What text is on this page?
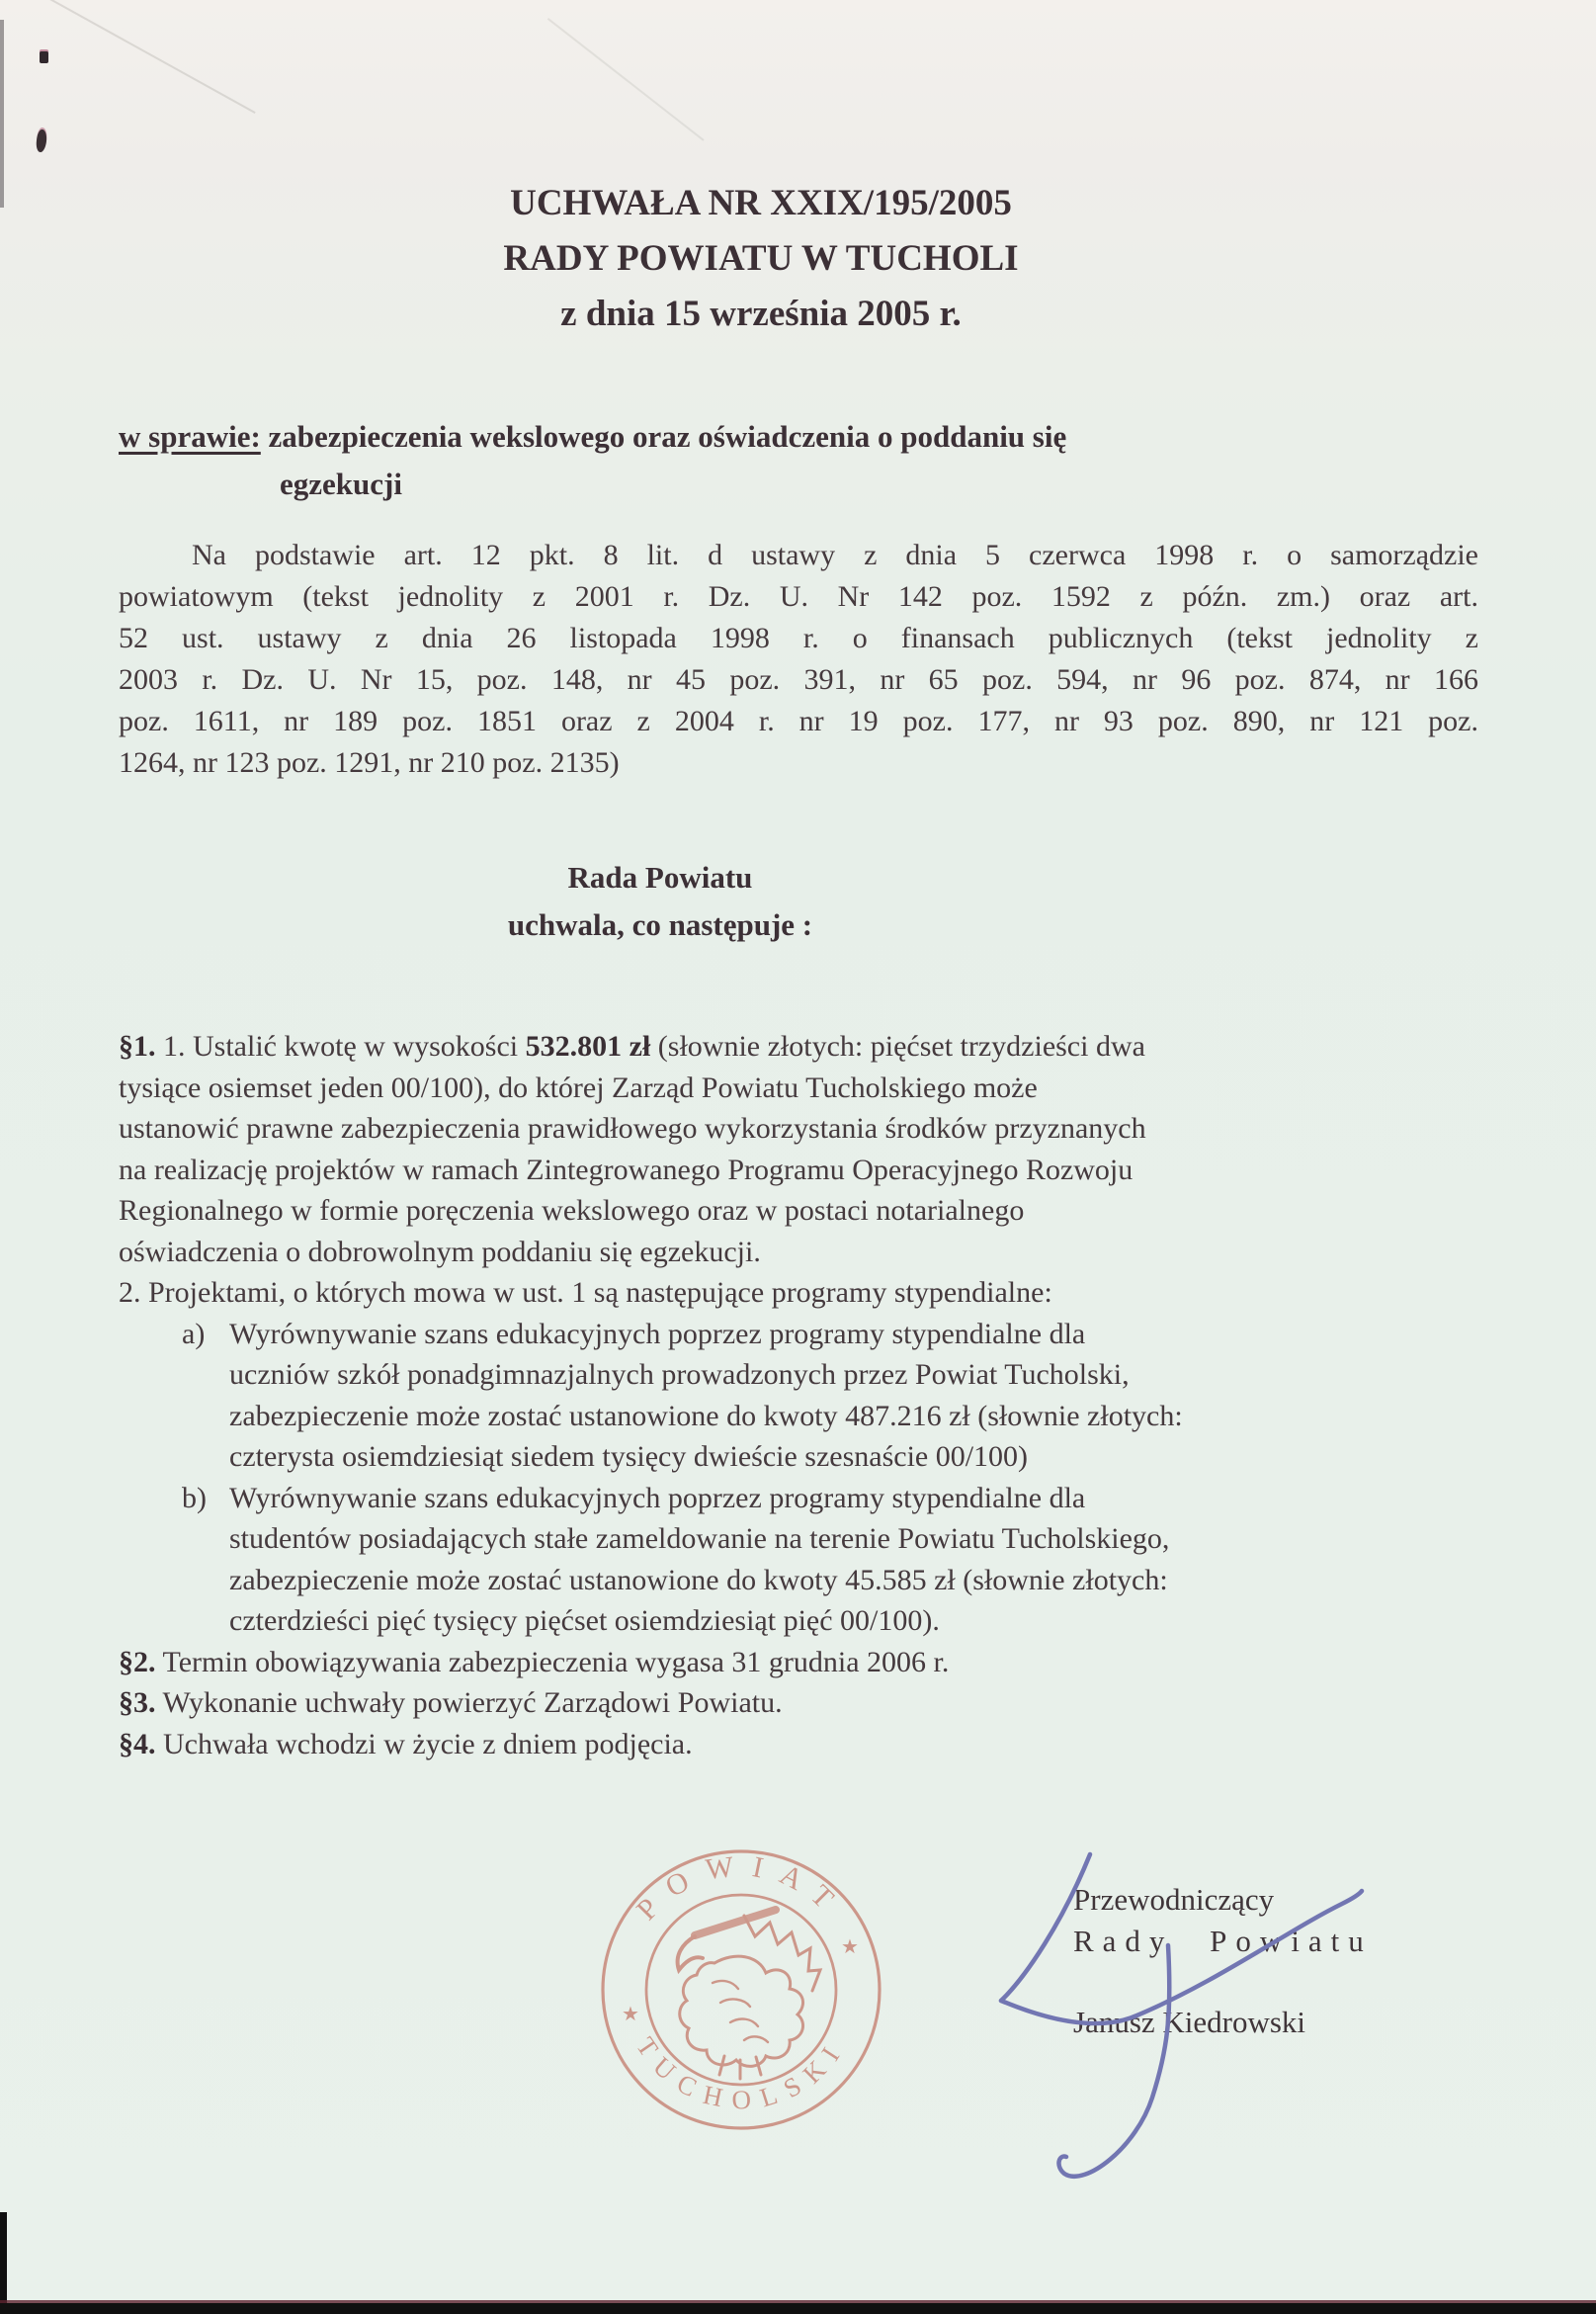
UCHWAŁA NR XXIX/195/2005
RADY POWIATU W TUCHOLI
z dnia 15 września 2005 r.
w sprawie: zabezpieczenia wekslowego oraz oświadczenia o poddaniu się
egzekucji
Na podstawie art. 12 pkt. 8 lit. d ustawy z dnia 5 czerwca 1998 r. o samorządzie
powiatowym (tekst jednolity z 2001 r. Dz. U. Nr 142 poz. 1592 z późn. zm.) oraz art.
52 ust. ustawy z dnia 26 listopada 1998 r. o finansach publicznych (tekst jednolity z
2003 r. Dz. U. Nr 15, poz. 148, nr 45 poz. 391, nr 65 poz. 594, nr 96 poz. 874, nr 166
poz. 1611, nr 189 poz. 1851 oraz z 2004 r. nr 19 poz. 177, nr 93 poz. 890, nr 121 poz.
1264, nr 123 poz. 1291, nr 210 poz. 2135)
Rada Powiatu
uchwala, co następuje :
§1. 1. Ustalić kwotę w wysokości 532.801 zł (słownie złotych: pięćset trzydzieści dwa
tysiące osiemset jeden 00/100), do której Zarząd Powiatu Tucholskiego może
ustanowić prawne zabezpieczenia prawidłowego wykorzystania środków przyznanych
na realizację projektów w ramach Zintegrowanego Programu Operacyjnego Rozwoju
Regionalnego w formie poręczenia wekslowego oraz w postaci notarialnego
oświadczenia o dobrowolnym poddaniu się egzekucji.
2. Projektami, o których mowa w ust. 1 są następujące programy stypendialne:
a) Wyrównywanie szans edukacyjnych poprzez programy stypendialne dla
uczniów szkół ponadgimnazjalnych prowadzonych przez Powiat Tucholski,
zabezpieczenie może zostać ustanowione do kwoty 487.216 zł (słownie złotych:
czterysta osiemdziesiąt siedem tysięcy dwieście szesnaście 00/100)
b) Wyrównywanie szans edukacyjnych poprzez programy stypendialne dla
studentów posiadających stałe zameldowanie na terenie Powiatu Tucholskiego,
zabezpieczenie może zostać ustanowione do kwoty 45.585 zł (słownie złotych:
czterdzieści pięć tysięcy pięćset osiemdziesiąt pięć 00/100).
§2. Termin obowiązywania zabezpieczenia wygasa 31 grudnia 2006 r.
§3. Wykonanie uchwały powierzyć Zarządowi Powiatu.
§4. Uchwała wchodzi w życie z dniem podjęcia.
POWIAT
TUCHOLSKI
★
★
Przewodniczący
Rady Powiatu
Janusz Kiedrowski
